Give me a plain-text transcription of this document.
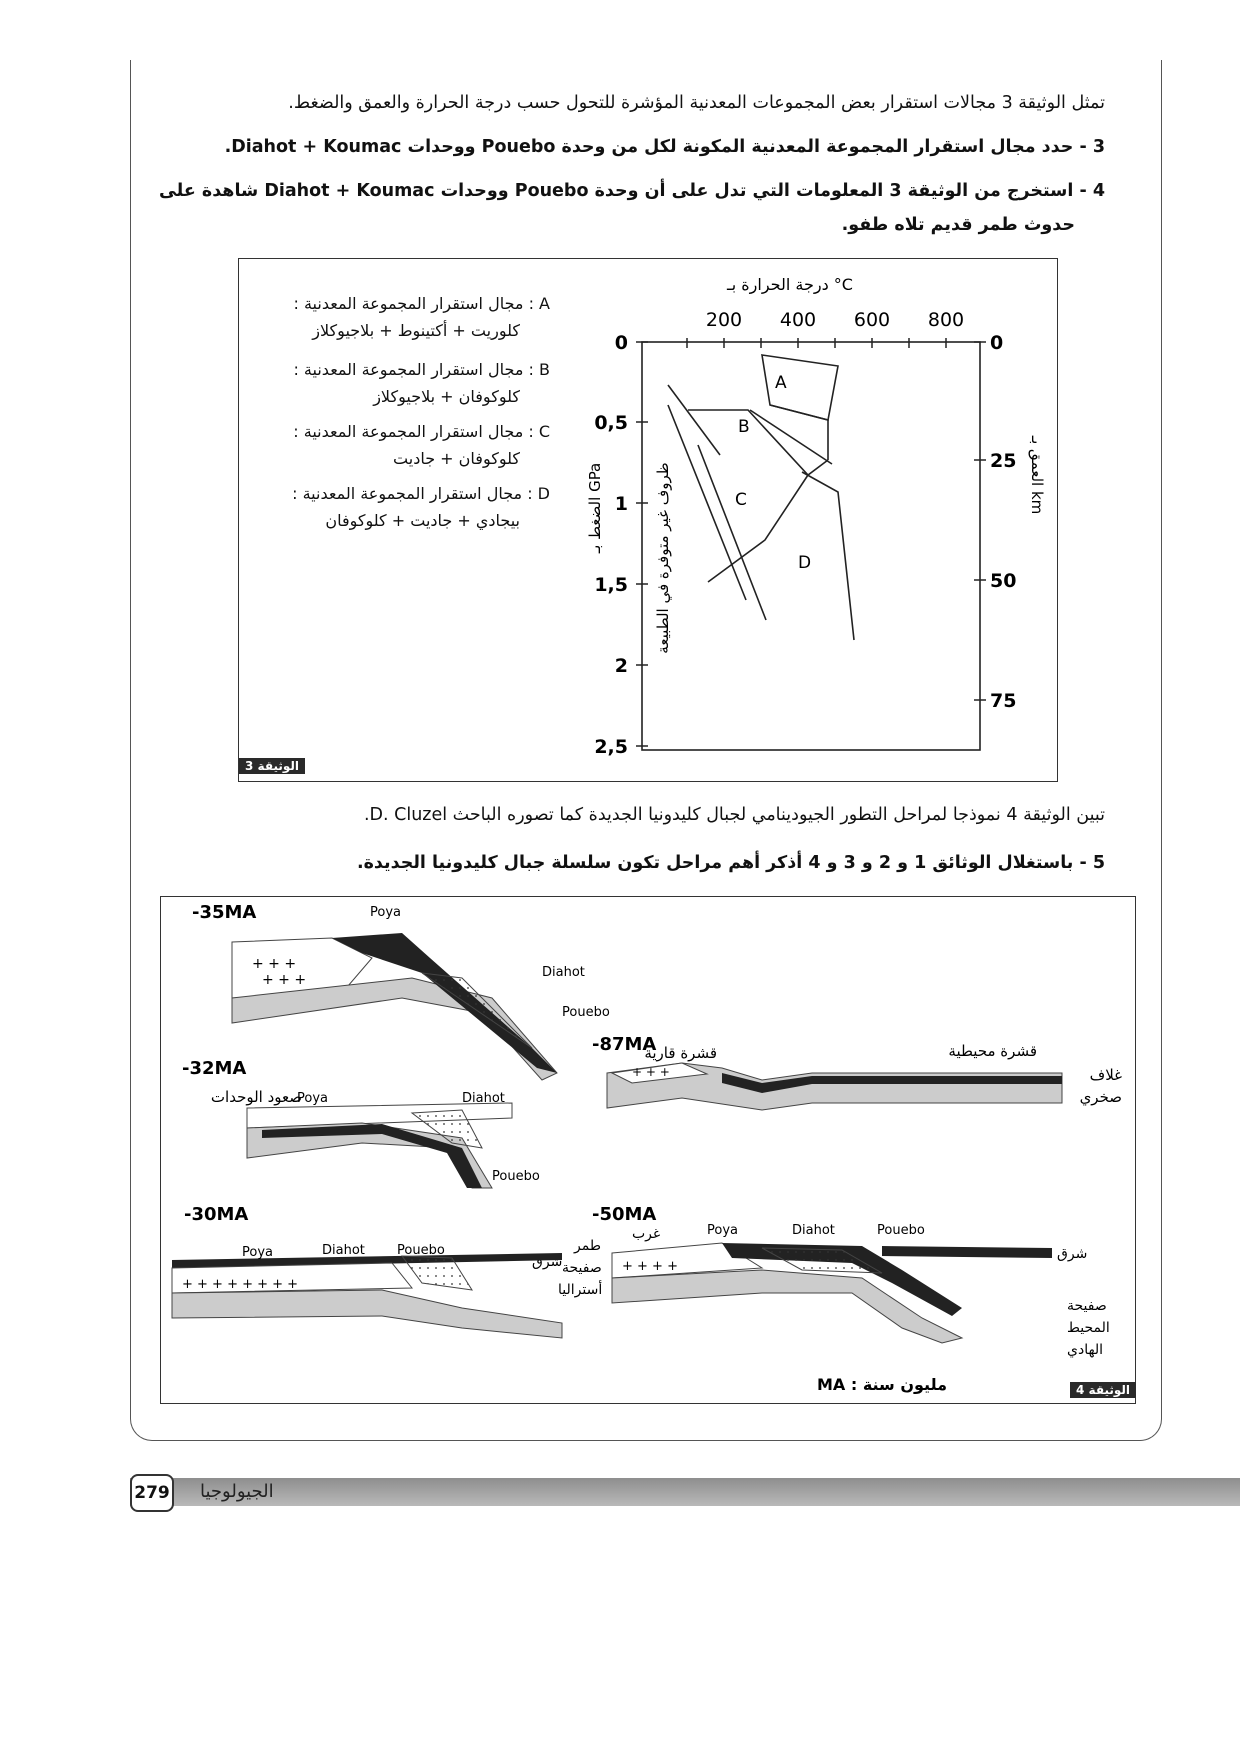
تمثل الوثيقة 3 مجالات استقرار بعض المجموعات المعدنية المؤشرة للتحول حسب درجة الحرارة والعمق والضغط.
3 - حدد مجال استقرار المجموعة المعدنية المكونة لكل من وحدة Pouebo ووحدات Diahot + Koumac.
4 - استخرج من الوثيقة 3 المعلومات التي تدل على أن وحدة Pouebo ووحدات Diahot + Koumac شاهدة على
حدوث طمر قديم تلاه طفو.
الوثيقة 3
A : مجال استقرار المجموعة المعدنية :
كلوريت + أكتينوط + بلاجيوكلاز
B : مجال استقرار المجموعة المعدنية :
كلوكوفان + بلاجيوكلاز
C : مجال استقرار المجموعة المعدنية :
كلوكوفان + جاديت
D : مجال استقرار المجموعة المعدنية :
بيجادي + جاديت + كلوكوفان
درجة الحرارة بـ °C
200 400 600 800
0
0,5
1
1,5
2
2,5
0
25
50
75
الضغط بـ GPa	العمق بـ km
ظروف غير متوفرة في الطبيعة
A
B
C
D
تبين الوثيقة 4 نموذجا لمراحل التطور الجيودينامي لجبال كليدونيا الجديدة كما تصوره الباحث D. Cluzel.
5 - باستغلال الوثائق 1 و 2 و 3 و 4 أذكر أهم مراحل تكون سلسلة جبال كليدونيا الجديدة.
الوثيقة 4
-35MA
+ + +
+ + +
Poya
Diahot
Pouebo
-32MA
صعود الوحدات
Poya	Diahot
Pouebo
-87MA
قشرة قارية	قشرة محيطية
غلاف
صخري
+ + +
-30MA
شرق
+ + + + + + + +
Poya	Diahot Pouebo
-50MA
غرب
طمر
صفيحة
أستراليا
شرق
صفيحة
المحيط
الهادي
+ + + +
Poya	Diahot	Pouebo
MA : مليون سنة
279 الجيولوجيا
